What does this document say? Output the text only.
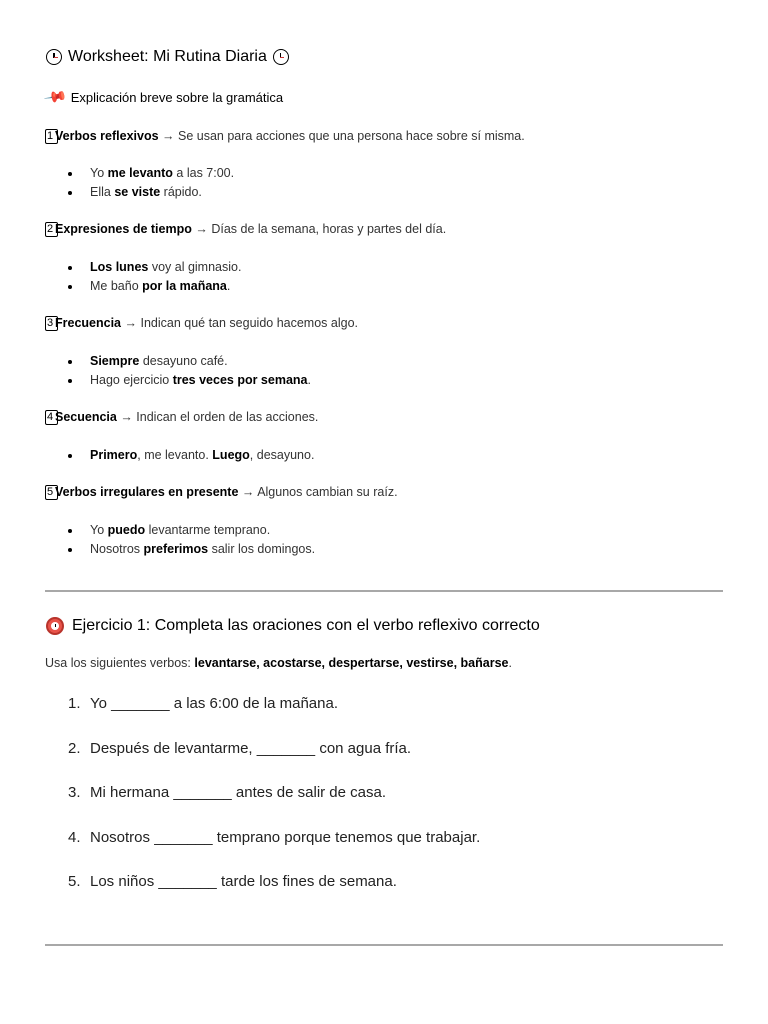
Worksheet: Mi Rutina Diaria
📌 Explicación breve sobre la gramática
1 Verbos reflexivos → Se usan para acciones que una persona hace sobre sí misma.
Yo me levanto a las 7:00.
Ella se viste rápido.
2 Expresiones de tiempo → Días de la semana, horas y partes del día.
Los lunes voy al gimnasio.
Me baño por la mañana.
3 Frecuencia → Indican qué tan seguido hacemos algo.
Siempre desayuno café.
Hago ejercicio tres veces por semana.
4 Secuencia → Indican el orden de las acciones.
Primero, me levanto. Luego, desayuno.
5 Verbos irregulares en presente → Algunos cambian su raíz.
Yo puedo levantarme temprano.
Nosotros preferimos salir los domingos.
Ejercicio 1: Completa las oraciones con el verbo reflexivo correcto
Usa los siguientes verbos: levantarse, acostarse, despertarse, vestirse, bañarse.
1. Yo _______ a las 6:00 de la mañana.
2. Después de levantarme, _______ con agua fría.
3. Mi hermana _______ antes de salir de casa.
4. Nosotros _______ temprano porque tenemos que trabajar.
5. Los niños _______ tarde los fines de semana.
